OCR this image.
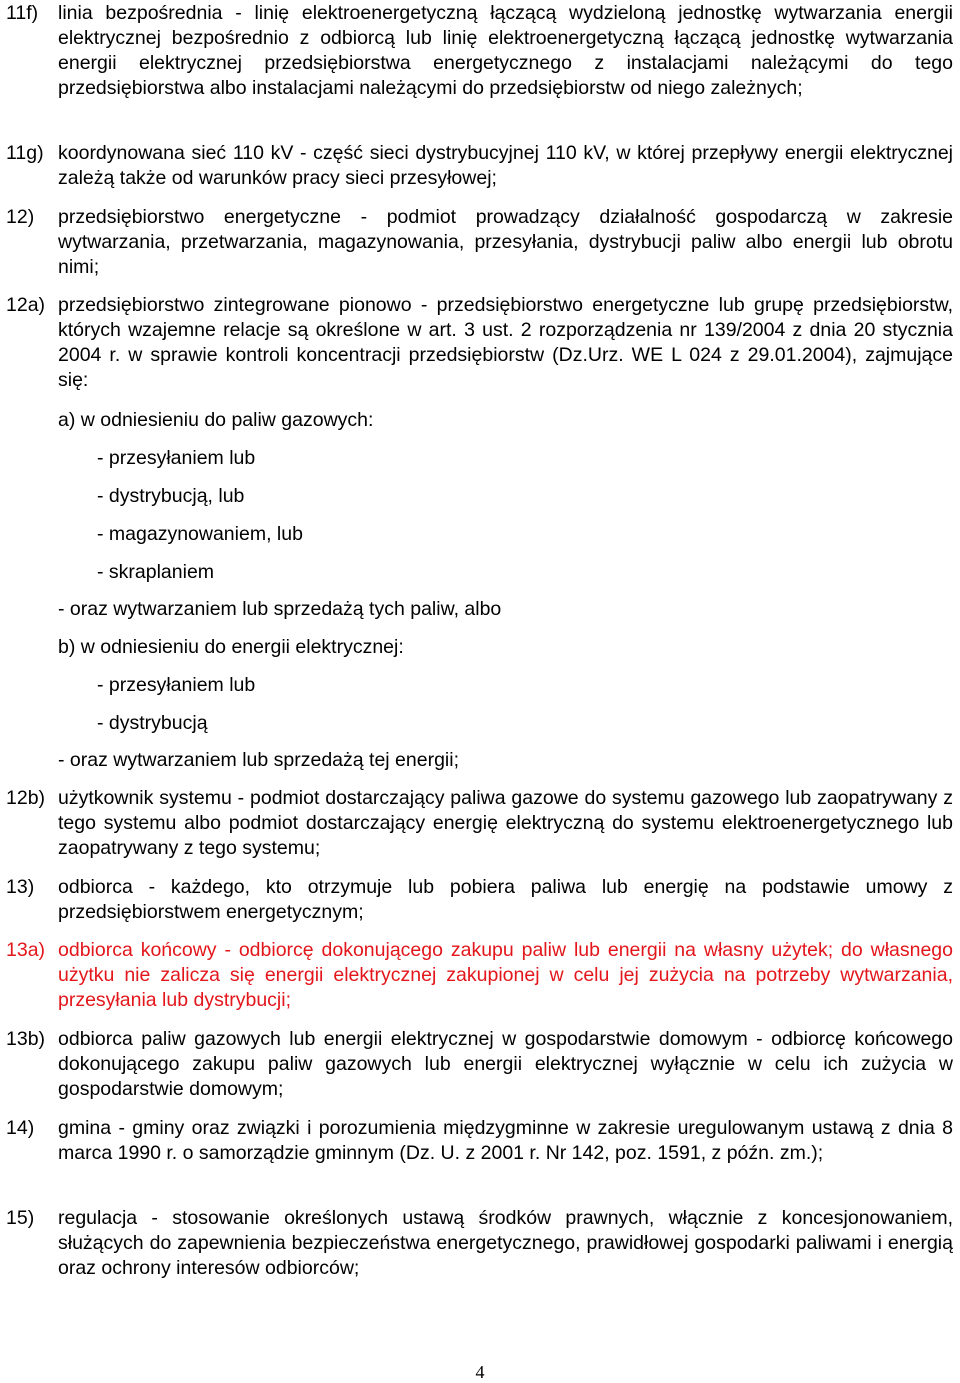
11f) linia bezpośrednia - linię elektroenergetyczną łączącą wydzieloną jednostkę wytwarzania energii elektrycznej bezpośrednio z odbiorcą lub linię elektroenergetyczną łączącą jednostkę wytwarzania energii elektrycznej przedsiębiorstwa energetycznego z instalacjami należącymi do tego przedsiębiorstwa albo instalacjami należącymi do przedsiębiorstw od niego zależnych;
11g) koordynowana sieć 110 kV - część sieci dystrybucyjnej 110 kV, w której przepływy energii elektrycznej zależą także od warunków pracy sieci przesyłowej;
12) przedsiębiorstwo energetyczne - podmiot prowadzący działalność gospodarczą w zakresie wytwarzania, przetwarzania, magazynowania, przesyłania, dystrybucji paliw albo energii lub obrotu nimi;
12a) przedsiębiorstwo zintegrowane pionowo - przedsiębiorstwo energetyczne lub grupę przedsiębiorstw, których wzajemne relacje są określone w art. 3 ust. 2 rozporządzenia nr 139/2004 z dnia 20 stycznia 2004 r. w sprawie kontroli koncentracji przedsiębiorstw (Dz.Urz. WE L 024 z 29.01.2004), zajmujące się:
a) w odniesieniu do paliw gazowych:
- przesyłaniem lub
- dystrybucją, lub
- magazynowaniem, lub
- skraplaniem
- oraz wytwarzaniem lub sprzedażą tych paliw, albo
b) w odniesieniu do energii elektrycznej:
- przesyłaniem lub
- dystrybucją
- oraz wytwarzaniem lub sprzedażą tej energii;
12b) użytkownik systemu - podmiot dostarczający paliwa gazowe do systemu gazowego lub zaopatrywany z tego systemu albo podmiot dostarczający energię elektryczną do systemu elektroenergetycznego lub zaopatrywany z tego systemu;
13) odbiorca - każdego, kto otrzymuje lub pobiera paliwa lub energię na podstawie umowy z przedsiębiorstwem energetycznym;
13a) odbiorca końcowy - odbiorcę dokonującego zakupu paliw lub energii na własny użytek; do własnego użytku nie zalicza się energii elektrycznej zakupionej w celu jej zużycia na potrzeby wytwarzania, przesyłania lub dystrybucji;
13b) odbiorca paliw gazowych lub energii elektrycznej w gospodarstwie domowym - odbiorcę końcowego dokonującego zakupu paliw gazowych lub energii elektrycznej wyłącznie w celu ich zużycia w gospodarstwie domowym;
14) gmina - gminy oraz związki i porozumienia międzygminne w zakresie uregulowanym ustawą z dnia 8 marca 1990 r. o samorządzie gminnym (Dz. U. z 2001 r. Nr 142, poz. 1591, z późn. zm.);
15) regulacja - stosowanie określonych ustawą środków prawnych, włącznie z koncesjonowaniem, służących do zapewnienia bezpieczeństwa energetycznego, prawidłowej gospodarki paliwami i energią oraz ochrony interesów odbiorców;
4
